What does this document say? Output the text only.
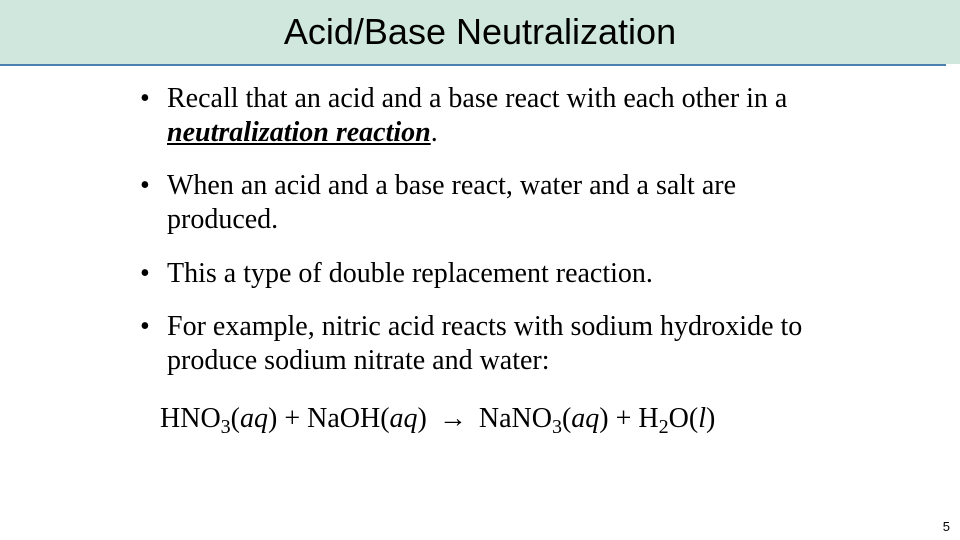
Acid/Base Neutralization
• Recall that an acid and a base react with each other in a neutralization reaction.
• When an acid and a base react, water and a salt are produced.
• This a type of double replacement reaction.
• For example, nitric acid reacts with sodium hydroxide to produce sodium nitrate and water:
$HNO_3(aq)$ + NaOH(aq) → NaNO$_3$(aq) + $H_2O(l)$
5
